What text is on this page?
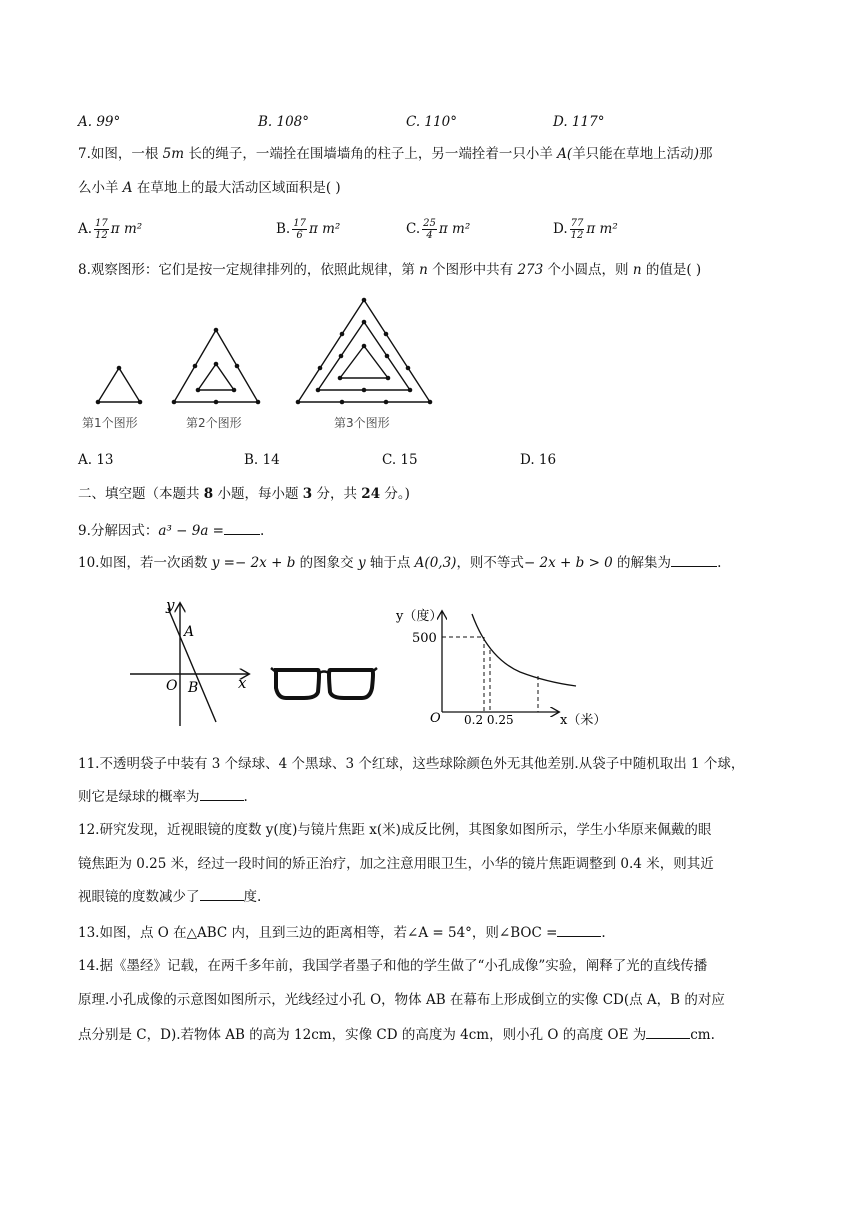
A. 99°	B. 108°	C. 110°	D. 117°
7.如图，一根 5m 长的绳子，一端拴在围墙墙角的柱子上，另一端拴着一只小羊 A(羊只能在草地上活动)那
么小羊 A 在草地上的最大活动区域面积是( )
A. $\frac{17}{12}$ π m²	B. $\frac{17}{6}$ π m²	C. $\frac{25}{4}$ π m²	D. $\frac{77}{12}$ π m²
8.观察图形：它们是按一定规律排列的，依照此规律，第 n 个图形中共有 273 个小圆点，则 n 的值是( )
第1个图形	第2个图形	第3个图形
A. 13	B. 14	C. 15	D. 16
二、填空题（本题共 8 小题，每小题 3 分，共 24 分。)
9.分解因式：a³ − 9a =	.
10.如图，若一次函数 y =− 2x + b 的图象交 y 轴于点 A(0,3)，则不等式− 2x + b > 0 的解集为	.
y
x
A
O B
y（度）
500
O 0.2 0.25	x（米）
11.不透明袋子中装有 3 个绿球、4 个黑球、3 个红球，这些球除颜色外无其他差别.从袋子中随机取出 1 个球，
则它是绿球的概率为	.
12.研究发现，近视眼镜的度数 y(度)与镜片焦距 x(米)成反比例，其图象如图所示，学生小华原来佩戴的眼
镜焦距为 0.25 米，经过一段时间的矫正治疗，加之注意用眼卫生，小华的镜片焦距调整到 0.4 米，则其近
视眼镜的度数减少了	度.
13.如图，点 O 在△ABC 内，且到三边的距离相等，若∠A = 54°，则∠BOC =	.
14.据《墨经》记载，在两千多年前，我国学者墨子和他的学生做了“小孔成像”实验，阐释了光的直线传播
原理.小孔成像的示意图如图所示，光线经过小孔 O，物体 AB 在幕布上形成倒立的实像 CD(点 A，B 的对应
点分别是 C，D).若物体 AB 的高为 12cm，实像 CD 的高度为 4cm，则小孔 O 的高度 OE 为	cm.
